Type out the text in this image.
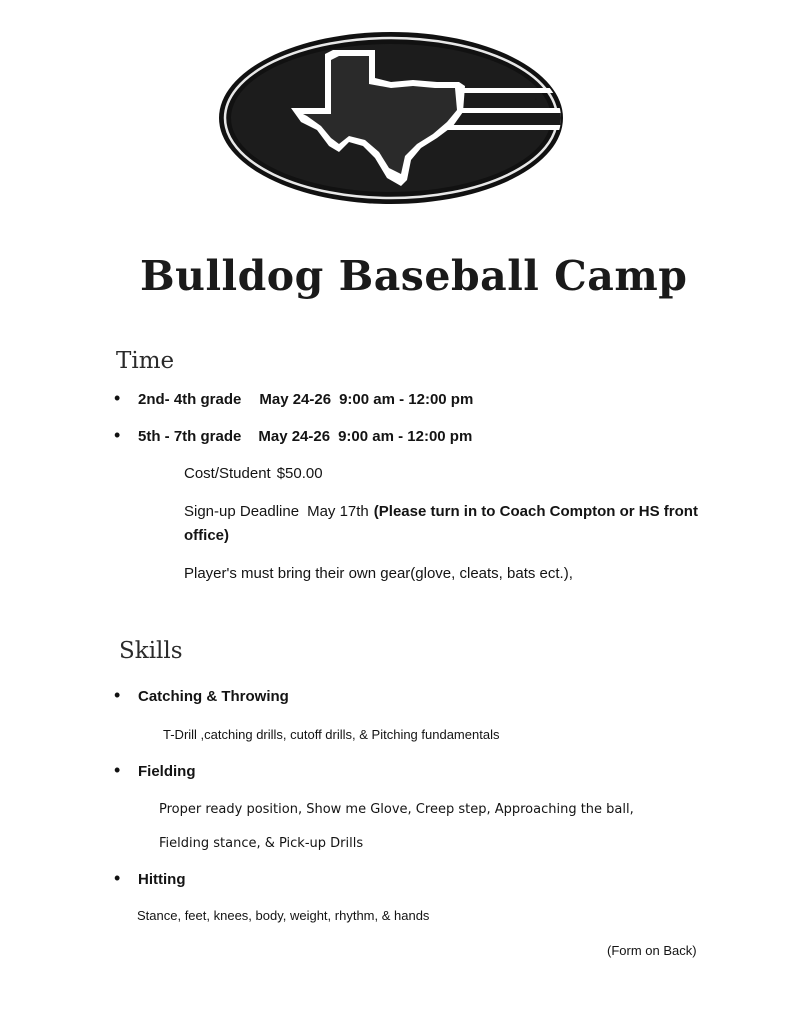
G
Bulldog Baseball Camp
Time
• 2nd- 4th grade May 24-26 9:00 am - 12:00 pm
• 5th - 7th grade May 24-26 9:00 am - 12:00 pm
Cost/Student $50.00
Sign-up Deadline May 17th (Please turn in to Coach Compton or HS front
office)
Player's must bring their own gear(glove, cleats, bats ect.),
Skills
• Catching & Throwing
T-Drill ,catching drills, cutoff drills, & Pitching fundamentals
• Fielding
Proper ready position, Show me Glove, Creep step, Approaching the ball,
Fielding stance, & Pick-up Drills
• Hitting
Stance, feet, knees, body, weight, rhythm, & hands
(Form on Back)
